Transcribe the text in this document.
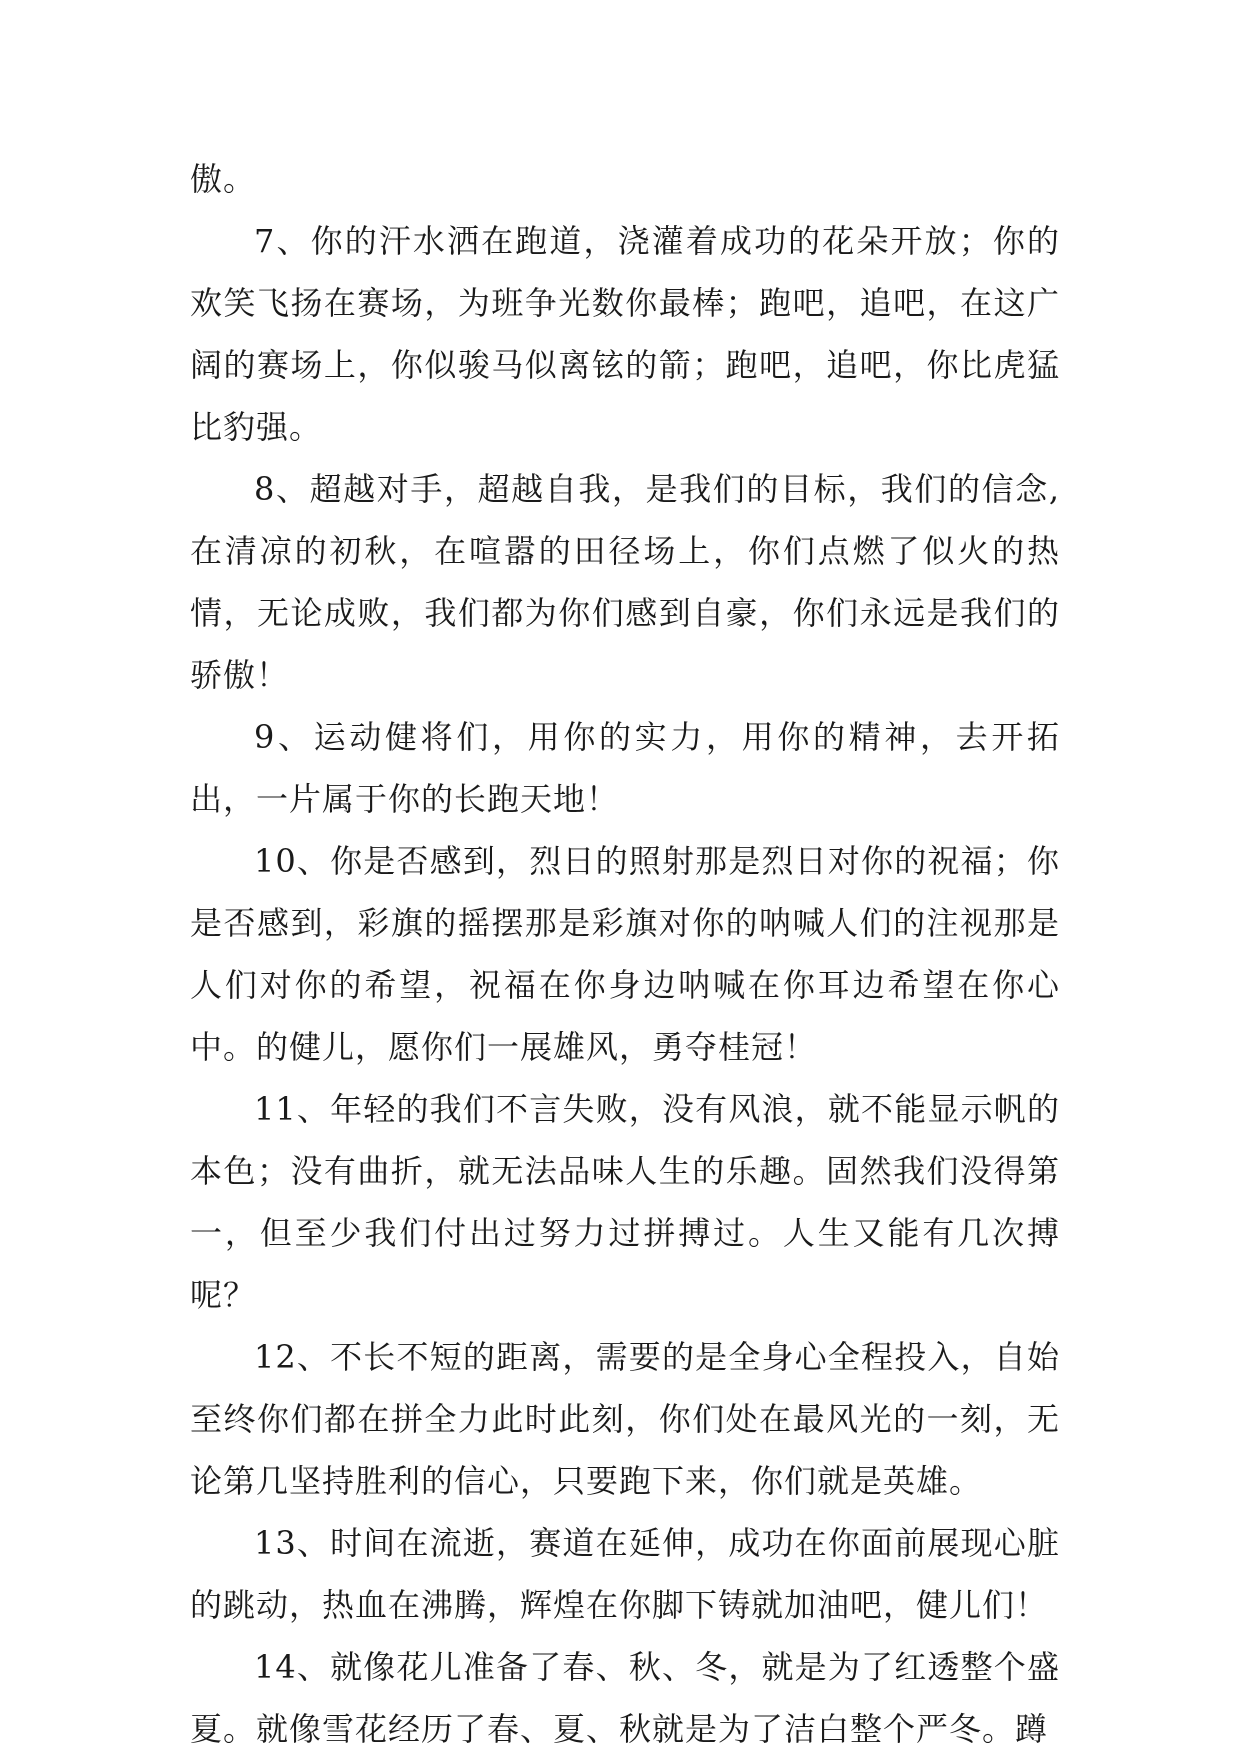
傲。

7、你的汗水洒在跑道，浇灌着成功的花朵开放；你的欢笑飞扬在赛场，为班争光数你最棒；跑吧，追吧，在这广阔的赛场上，你似骏马似离铉的箭；跑吧，追吧，你比虎猛比豹强。

8、超越对手，超越自我，是我们的目标，我们的信念,在清凉的初秋，在喧嚣的田径场上，你们点燃了似火的热情，无论成败，我们都为你们感到自豪，你们永远是我们的骄傲！

9、运动健将们，用你的实力，用你的精神，去开拓出，一片属于你的长跑天地！

10、你是否感到，烈日的照射那是烈日对你的祝福；你是否感到，彩旗的摇摆那是彩旗对你的呐喊人们的注视那是人们对你的希望，祝福在你身边呐喊在你耳边希望在你心中。的健儿，愿你们一展雄风，勇夺桂冠！

11、年轻的我们不言失败，没有风浪，就不能显示帆的本色；没有曲折，就无法品味人生的乐趣。固然我们没得第一，但至少我们付出过努力过拼搏过。人生又能有几次搏呢？

12、不长不短的距离，需要的是全身心全程投入，自始至终你们都在拼全力此时此刻，你们处在最风光的一刻，无论第几坚持胜利的信心，只要跑下来，你们就是英雄。

13、时间在流逝，赛道在延伸，成功在你面前展现心脏的跳动，热血在沸腾，辉煌在你脚下铸就加油吧，健儿们！

14、就像花儿准备了春、秋、冬，就是为了红透整个盛夏。就像雪花经历了春、夏、秋就是为了洁白整个严冬。蹲
